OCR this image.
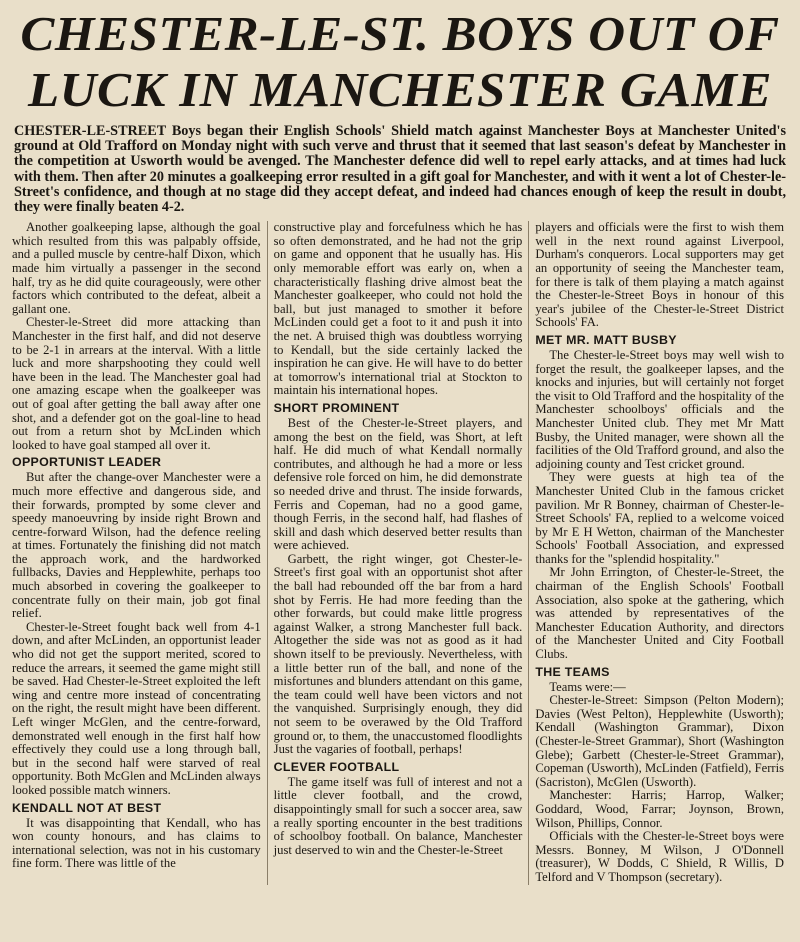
CHESTER-LE-ST. BOYS OUT OF LUCK IN MANCHESTER GAME
CHESTER-LE-STREET Boys began their English Schools' Shield match against Manchester Boys at Manchester United's ground at Old Trafford on Monday night with such verve and thrust that it seemed that last season's defeat by Manchester in the competition at Usworth would be avenged. The Manchester defence did well to repel early attacks, and at times had luck with them. Then after 20 minutes a goalkeeping error resulted in a gift goal for Manchester, and with it went a lot of Chester-le-Street's confidence, and though at no stage did they accept defeat, and indeed had chances enough of keep the result in doubt, they were finally beaten 4-2.

Another goalkeeping lapse, although the goal which resulted from this was palpably offside, and a pulled muscle by centre-half Dixon, which made him virtually a passenger in the second half, try as he did quite courageously, were other factors which contributed to the defeat, albeit a gallant one.

Chester-le-Street did more attacking than Manchester in the first half, and did not deserve to be 2-1 in arrears at the interval. With a little luck and more sharpshooting they could well have been in the lead. The Manchester goal had one amazing escape when the goalkeeper was out of goal after getting the ball away after one shot, and a defender got on the goal-line to head out from a return shot by McLinden which looked to have goal stamped all over it.

OPPORTUNIST LEADER

But after the change-over Manchester were a much more effective and dangerous side, and their forwards, prompted by some clever and speedy manoeuvring by inside right Brown and centre-forward Wilson, had the defence reeling at times. Fortunately the finishing did not match the approach work, and the hardworked fullbacks, Davies and Hepplewhite, perhaps too much absorbed in covering the goalkeeper to concentrate fully on their main, job got final relief.

Chester-le-Street fought back well from 4-1 down, and after McLinden, an opportunist leader who did not get the support merited, scored to reduce the arrears, it seemed the game might still be saved. Had Chester-le-Street exploited the left wing and centre more instead of concentrating on the right, the result might have been different. Left winger McGlen, and the centre-forward, demonstrated well enough in the first half how effectively they could use a long through ball, but in the second half were starved of real opportunity. Both McGlen and McLinden always looked possible match winners.

KENDALL NOT AT BEST

It was disappointing that Kendall, who has won county honours, and has claims to international selection, was not in his customary fine form. There was little of the

constructive play and forcefulness which he has so often demonstrated, and he had not the grip on game and opponent that he usually has. His only memorable effort was early on, when a characteristically flashing drive almost beat the Manchester goalkeeper, who could not hold the ball, but just managed to smother it before McLinden could get a foot to it and push it into the net. A bruised thigh was doubtless worrying to Kendall, but the side certainly lacked the inspiration he can give. He will have to do better at tomorrow's international trial at Stockton to maintain his international hopes.

SHORT PROMINENT

Best of the Chester-le-Street players, and among the best on the field, was Short, at left half. He did much of what Kendall normally contributes, and although he had a more or less defensive role forced on him, he did demonstrate so needed drive and thrust. The inside forwards, Ferris and Copeman, had no a good game, though Ferris, in the second half, had flashes of skill and dash which deserved better results than were achieved.

Garbett, the right winger, got Chester-le-Street's first goal with an opportunist shot after the ball had rebounded off the bar from a hard shot by Ferris. He had more feeding than the other forwards, but could make little progress against Walker, a strong Manchester full back. Altogether the side was not as good as it had shown itself to be previously. Nevertheless, with a little better run of the ball, and none of the misfortunes and blunders attendant on this game, the team could well have been victors and not the vanquished. Surprisingly enough, they did not seem to be overawed by the Old Trafford ground or, to them, the unaccustomed floodlights Just the vagaries of football, perhaps!

CLEVER FOOTBALL

The game itself was full of interest and not a little clever football, and the crowd, disappointingly small for such a soccer area, saw a really sporting encounter in the best traditions of schoolboy football. On balance, Manchester just deserved to win and the Chester-le-Street

players and officials were the first to wish them well in the next round against Liverpool, Durham's conquerors. Local supporters may get an opportunity of seeing the Manchester team, for there is talk of them playing a match against the Chester-le-Street Boys in honour of this year's jubilee of the Chester-le-Street District Schools' FA.

MET MR. MATT BUSBY

The Chester-le-Street boys may well wish to forget the result, the goalkeeper lapses, and the knocks and injuries, but will certainly not forget the visit to Old Trafford and the hospitality of the Manchester schoolboys' officials and the Manchester United club. They met Mr Matt Busby, the United manager, were shown all the facilities of the Old Trafford ground, and also the adjoining county and Test cricket ground.

They were guests at high tea of the Manchester United Club in the famous cricket pavilion. Mr R Bonney, chairman of Chester-le-Street Schools' FA, replied to a welcome voiced by Mr E H Wetton, chairman of the Manchester Schools' Football Association, and expressed thanks for the "splendid hospitality."

Mr John Errington, of Chester-le-Street, the chairman of the English Schools' Football Association, also spoke at the gathering, which was attended by representatives of the Manchester Education Authority, and directors of the Manchester United and City Football Clubs.

THE TEAMS

Teams were:—

Chester-le-Street: Simpson (Pelton Modern); Davies (West Pelton), Hepplewhite (Usworth); Kendall (Washington Grammar), Dixon (Chester-le-Street Grammar), Short (Washington Glebe); Garbett (Chester-le-Street Grammar), Copeman (Usworth), McLinden (Fatfield), Ferris (Sacriston), McGlen (Usworth).

Manchester: Harris; Harrop, Walker; Goddard, Wood, Farrar; Joynson, Brown, Wilson, Phillips, Connor.

Officials with the Chester-le-Street boys were Messrs. Bonney, M Wilson, J O'Donnell (treasurer), W Dodds, C Shield, R Willis, D Telford and V Thompson (secretary).
